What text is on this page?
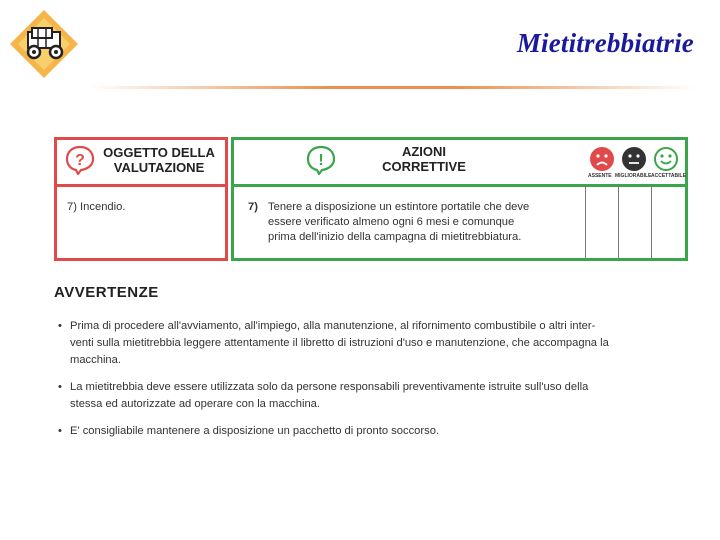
Mietitrebbiatrie
? OGGETTO DELLA
VALUTAZIONE
7) Incendio.
!
AZIONI
CORRETTIVE
7) Tenere a disposizione un estintore portatile che deve
essere verificato almeno ogni 6 mesi e comunque
prima dell'inizio della campagna di mietitrebbiatura.
ASSENTE MIGLIORABILE ACCETTABILE
AVVERTENZE
• Prima di procedere all'avviamento, all'impiego, alla manutenzione, al rifornimento combustibile o altri inter-
venti sulla mietitrebbia leggere attentamente il libretto di istruzioni d'uso e manutenzione, che accompagna la
macchina.
• La mietitrebbia deve essere utilizzata solo da persone responsabili preventivamente istruite sull'uso della
stessa ed autorizzate ad operare con la macchina.
• E' consigliabile mantenere a disposizione un pacchetto di pronto soccorso.
